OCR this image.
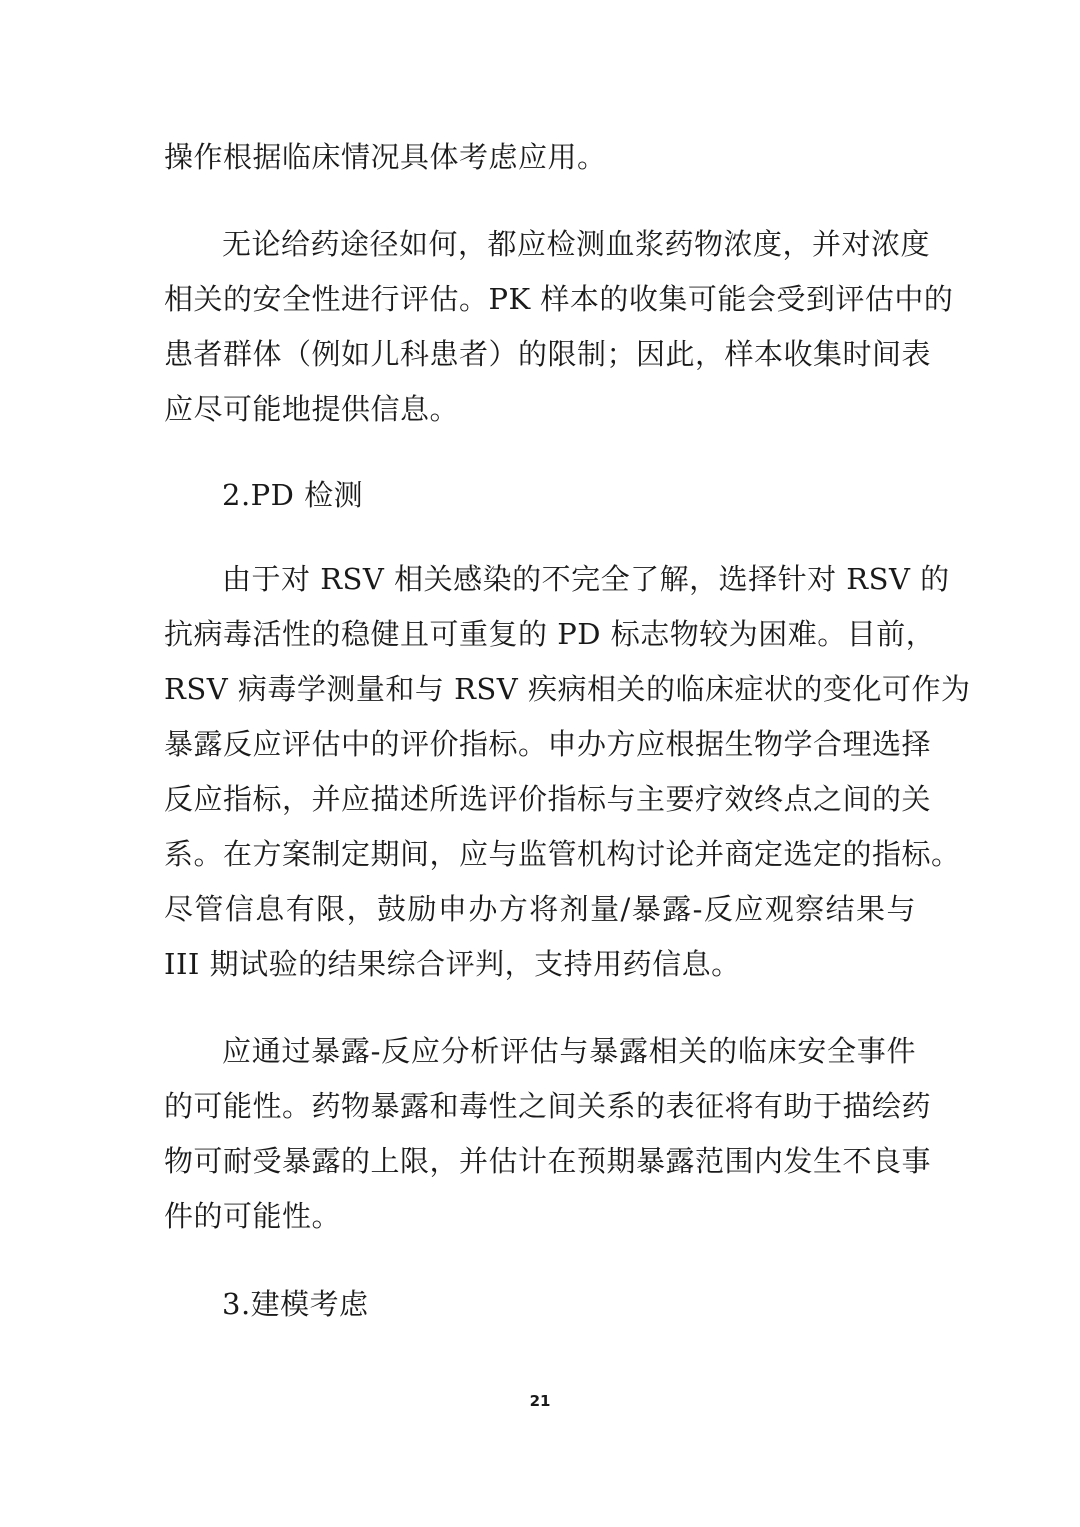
操作根据临床情况具体考虑应用。
无论给药途径如何，都应检测血浆药物浓度，并对浓度
相关的安全性进行评估。PK 样本的收集可能会受到评估中的
患者群体（例如儿科患者）的限制；因此，样本收集时间表
应尽可能地提供信息。
2.PD 检测
由于对 RSV 相关感染的不完全了解，选择针对 RSV 的
抗病毒活性的稳健且可重复的 PD 标志物较为困难。目前，
RSV 病毒学测量和与 RSV 疾病相关的临床症状的变化可作为
暴露反应评估中的评价指标。申办方应根据生物学合理选择
反应指标，并应描述所选评价指标与主要疗效终点之间的关
系。在方案制定期间，应与监管机构讨论并商定选定的指标。
尽管信息有限，鼓励申办方将剂量/暴露-反应观察结果与
III 期试验的结果综合评判，支持用药信息。
应通过暴露-反应分析评估与暴露相关的临床安全事件
的可能性。药物暴露和毒性之间关系的表征将有助于描绘药
物可耐受暴露的上限，并估计在预期暴露范围内发生不良事
件的可能性。
3.建模考虑
21
